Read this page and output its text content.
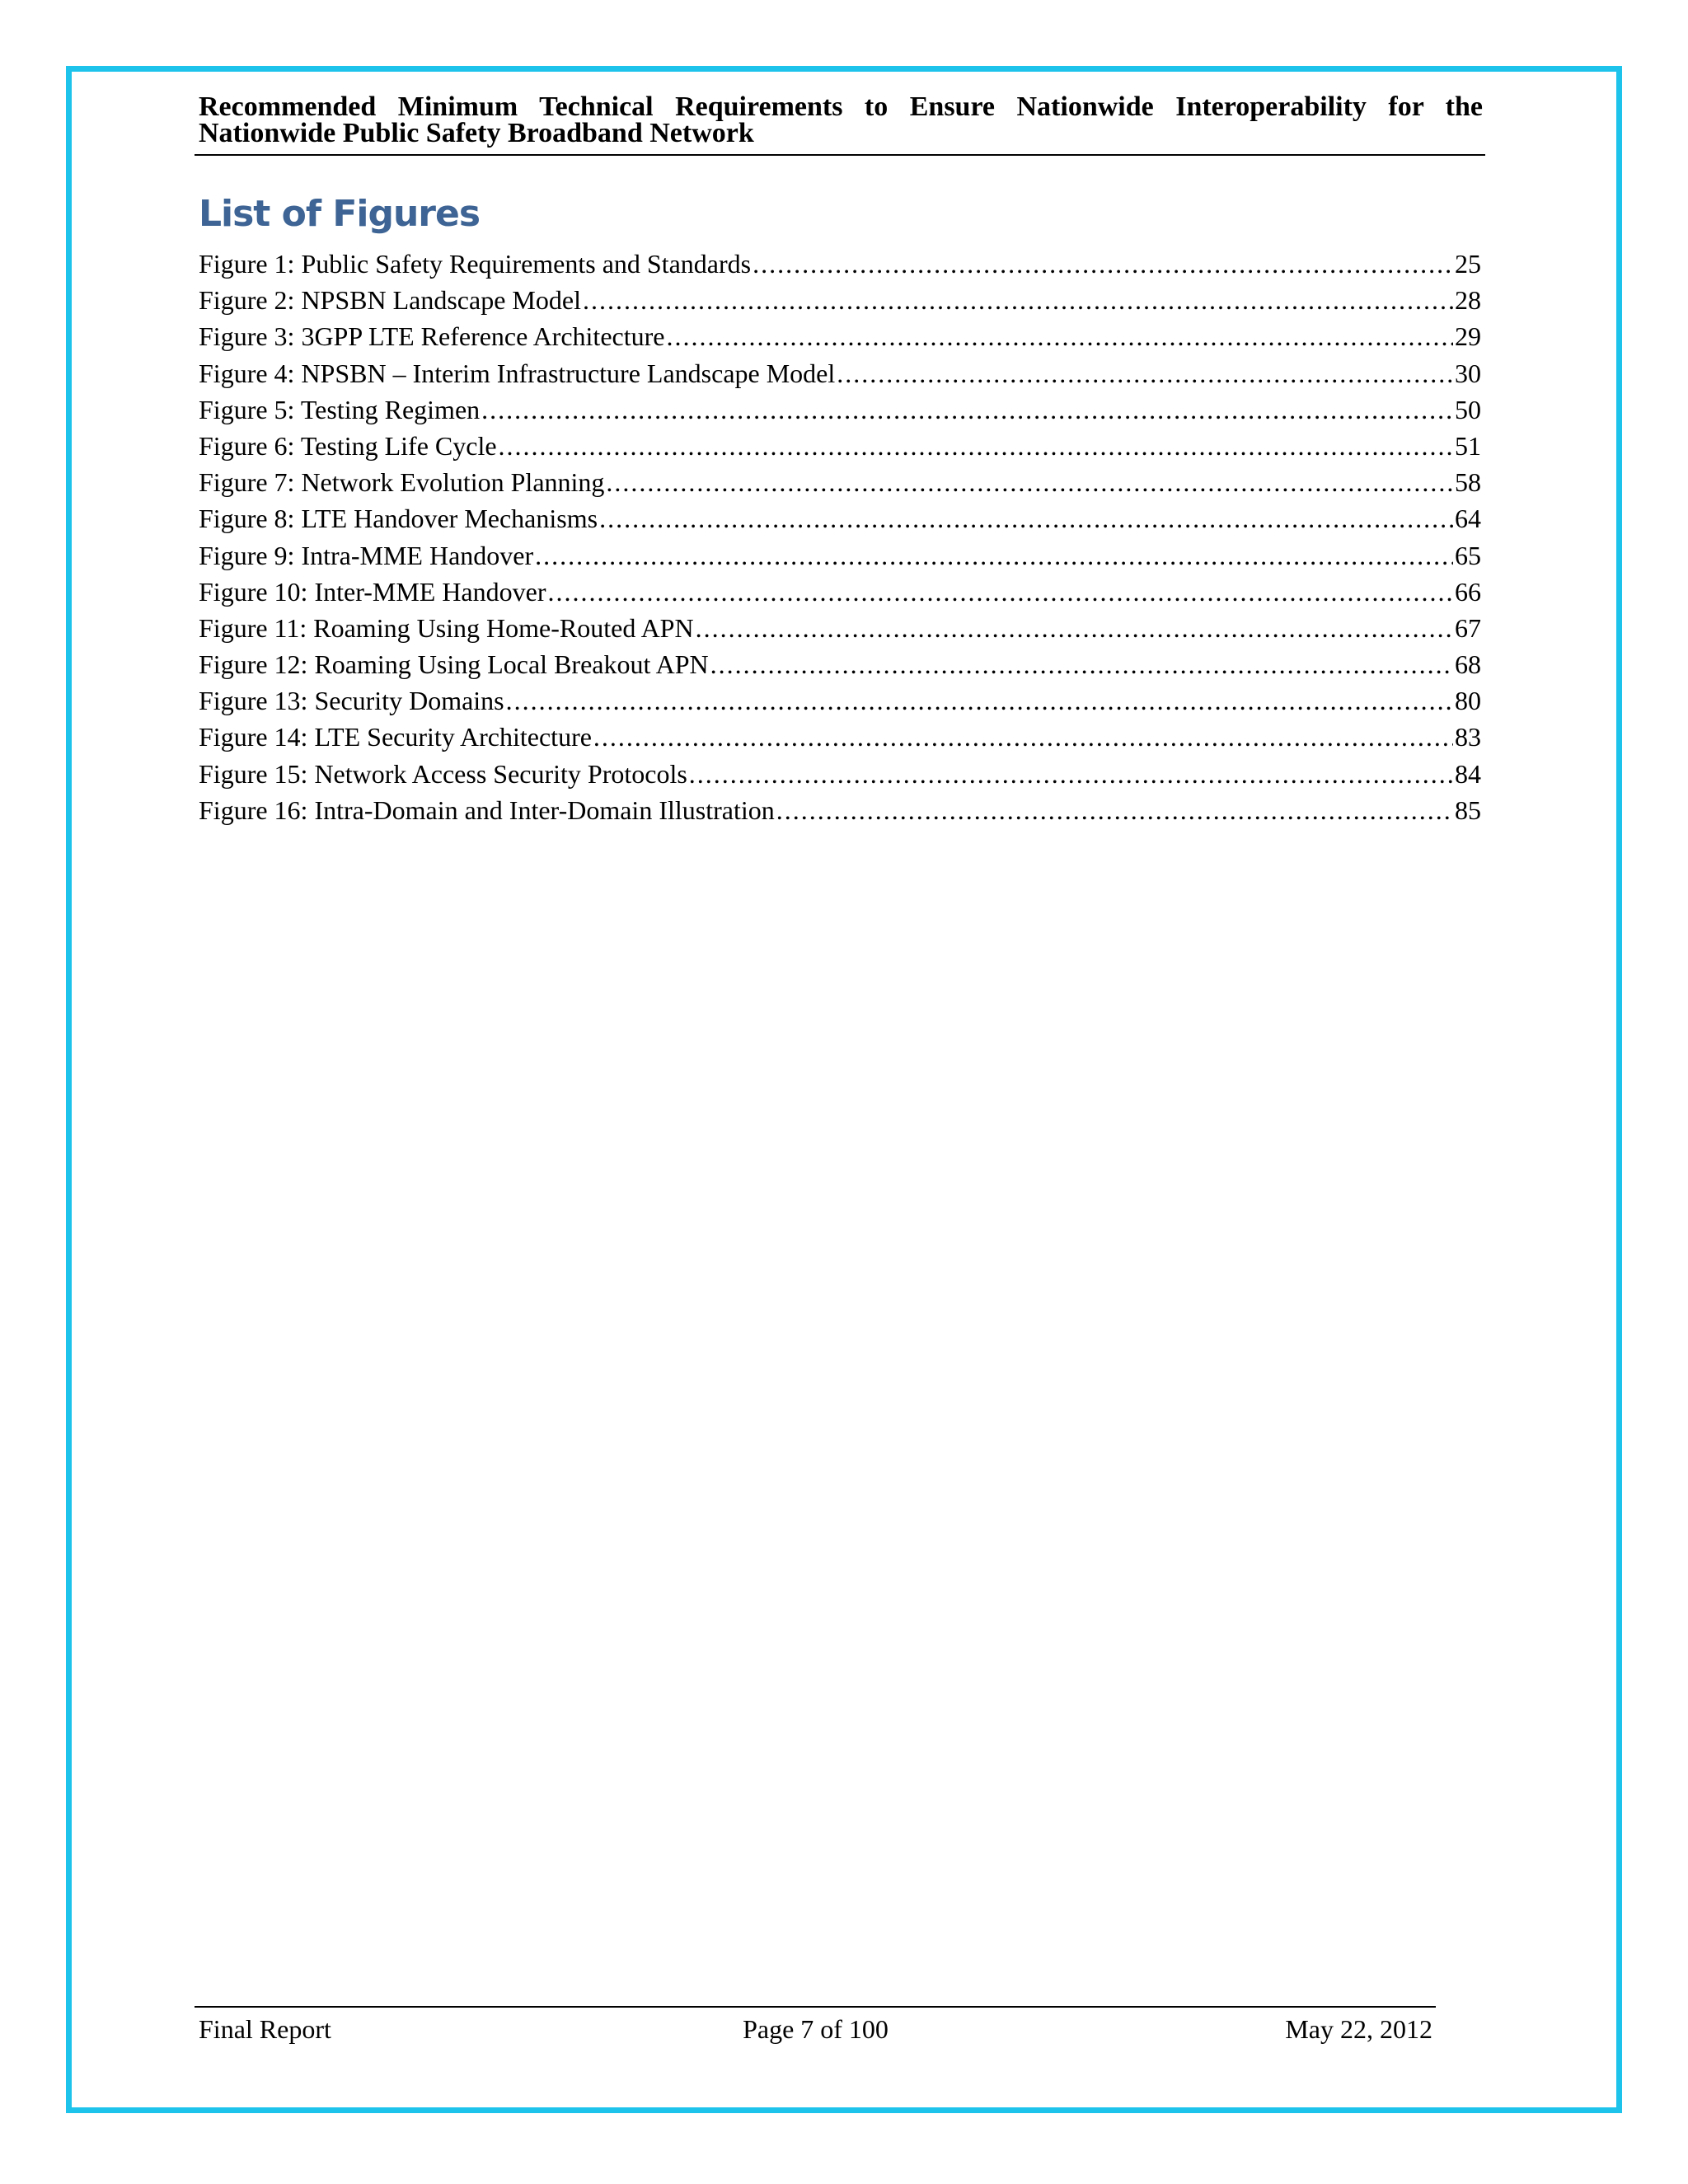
Recommended Minimum Technical Requirements to Ensure Nationwide Interoperability for the Nationwide Public Safety Broadband Network
List of Figures
Figure 1: Public Safety Requirements and Standards .....	25
Figure 2: NPSBN Landscape Model .....	28
Figure 3: 3GPP LTE Reference Architecture .....	29
Figure 4: NPSBN – Interim Infrastructure Landscape Model .....	30
Figure 5: Testing Regimen .....	50
Figure 6: Testing Life Cycle .....	51
Figure 7: Network Evolution Planning .....	58
Figure 8: LTE Handover Mechanisms .....	64
Figure 9: Intra-MME Handover .....	65
Figure 10: Inter-MME Handover .....	66
Figure 11: Roaming Using Home-Routed APN .....	67
Figure 12: Roaming Using Local Breakout APN .....	68
Figure 13: Security Domains .....	80
Figure 14: LTE Security Architecture .....	83
Figure 15: Network Access Security Protocols .....	84
Figure 16: Intra-Domain and Inter-Domain Illustration .....	85
Final Report	Page 7 of 100	May 22, 2012
